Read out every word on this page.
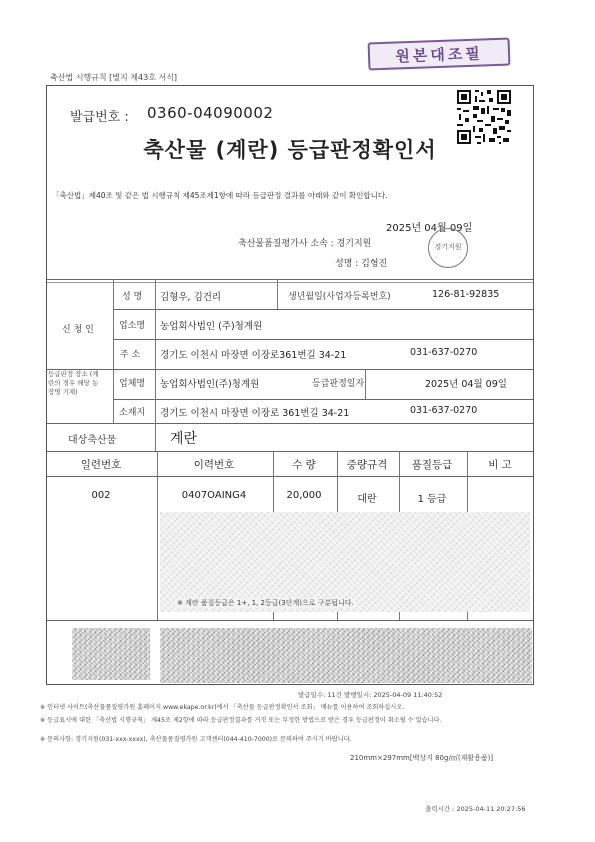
원본대조필
축산법 시행규칙 [별지 제43호 서식]
발급번호 : 0360-04090002
축산물 (계란) 등급판정확인서
「축산법」제40조 및 같은 법 시행규칙 제45조제1항에 따라 등급판정 결과를 아래와 같이 확인합니다.
2025년 04월 09일
축산물품질평가사 소속 : 경기지원
성명 : 김형진
경기지원
신 청 인
등급판정 장소 (계란의 경우 해당 농장명 기재)
성 명 김형우, 김건리	생년월일(사업자등록번호)	126-81-92835
업소명 농업회사법인 (주)청계원
주 소 경기도 이천시 마장면 이장로361번길 34-21	031-637-0270
업체명 농업회사법인(주)청계원	등급판정일자	2025년 04월 09일
소재지 경기도 이천시 마장면 이장로 361번길 34-21	031-637-0270
대상축산물	계란
일련번호	이력번호	수 량	중량규격	품질등급	비 고
002	0407OAING4	20,000	대란	1 등급
※ 계란 품질등급은 1+, 1, 2등급(3단계)으로 구분됩니다.
발급일수: 11건 발행일시: 2025-04-09 11:40:52
※ 인터넷 사이트(축산물품질평가원 홈페이지 www.ekape.or.kr)에서 「축산물 등급판정확인서 조회」 메뉴를 이용하여 조회하십시오.
※ 등급표시에 대한 「축산법 시행규칙」 제45조 제2항에 따라 등급판정결과를 거짓 또는 부정한 방법으로 받은 경우 등급판정이 취소될 수 있습니다.
※ 문의사항: 경기지원(031-xxx-xxxx), 축산물품질평가원 고객센터(044-410-7000)로 문의하여 주시기 바랍니다.
210mm×297mm[백상지 80g/㎡(재활용품)]
출력시간 : 2025-04-11 20:27:56
